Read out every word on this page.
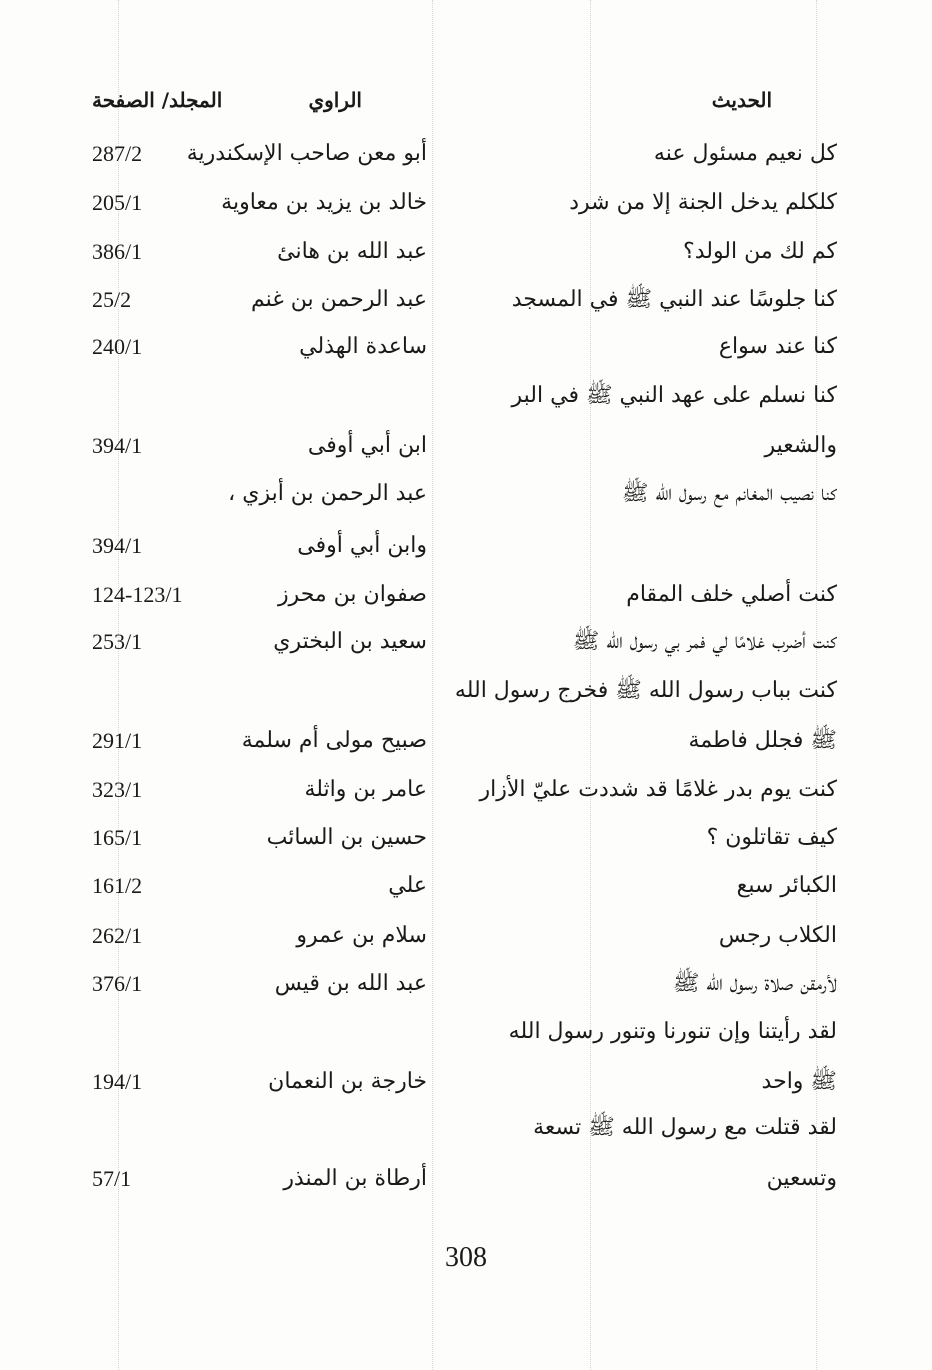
الحديث
الراوي
المجلد/ الصفحة
كل نعيم مسئول عنه
أبو معن صاحب الإسكندرية
287/2
كلكلم يدخل الجنة إلا من شرد
خالد بن يزيد بن معاوية
205/1
كم لك من الولد؟
عبد الله بن هانئ
386/1
كنا جلوسًا عند النبي ﷺ في المسجد
عبد الرحمن بن غنم
25/2
كنا عند سواع
ساعدة الهذلي
240/1
كنا نسلم على عهد النبي ﷺ في البر
والشعير
ابن أبي أوفى
394/1
كنا نصيب المغانم مع رسول الله ﷺ
عبد الرحمن بن أبزي ،
وابن أبي أوفى
394/1
كنت أصلي خلف المقام
صفوان بن محرز
124-123/1
كنت أضرب غلامًا لي فمر بي رسول الله ﷺ
سعيد بن البختري
253/1
كنت بباب رسول الله ﷺ فخرج رسول الله
ﷺ فجلل فاطمة
صبيح مولى أم سلمة
291/1
كنت يوم بدر غلامًا قد شددت عليّ الأزار
عامر بن واثلة
323/1
كيف تقاتلون ؟
حسين بن السائب
165/1
الكبائر سبع
علي
161/2
الكلاب رجس
سلام بن عمرو
262/1
لأرمقن صلاة رسول الله ﷺ
عبد الله بن قيس
376/1
لقد رأيتنا وإن تنورنا وتنور رسول الله
ﷺ واحد
خارجة بن النعمان
194/1
لقد قتلت مع رسول الله ﷺ تسعة
وتسعين
أرطاة بن المنذر
57/1
308
